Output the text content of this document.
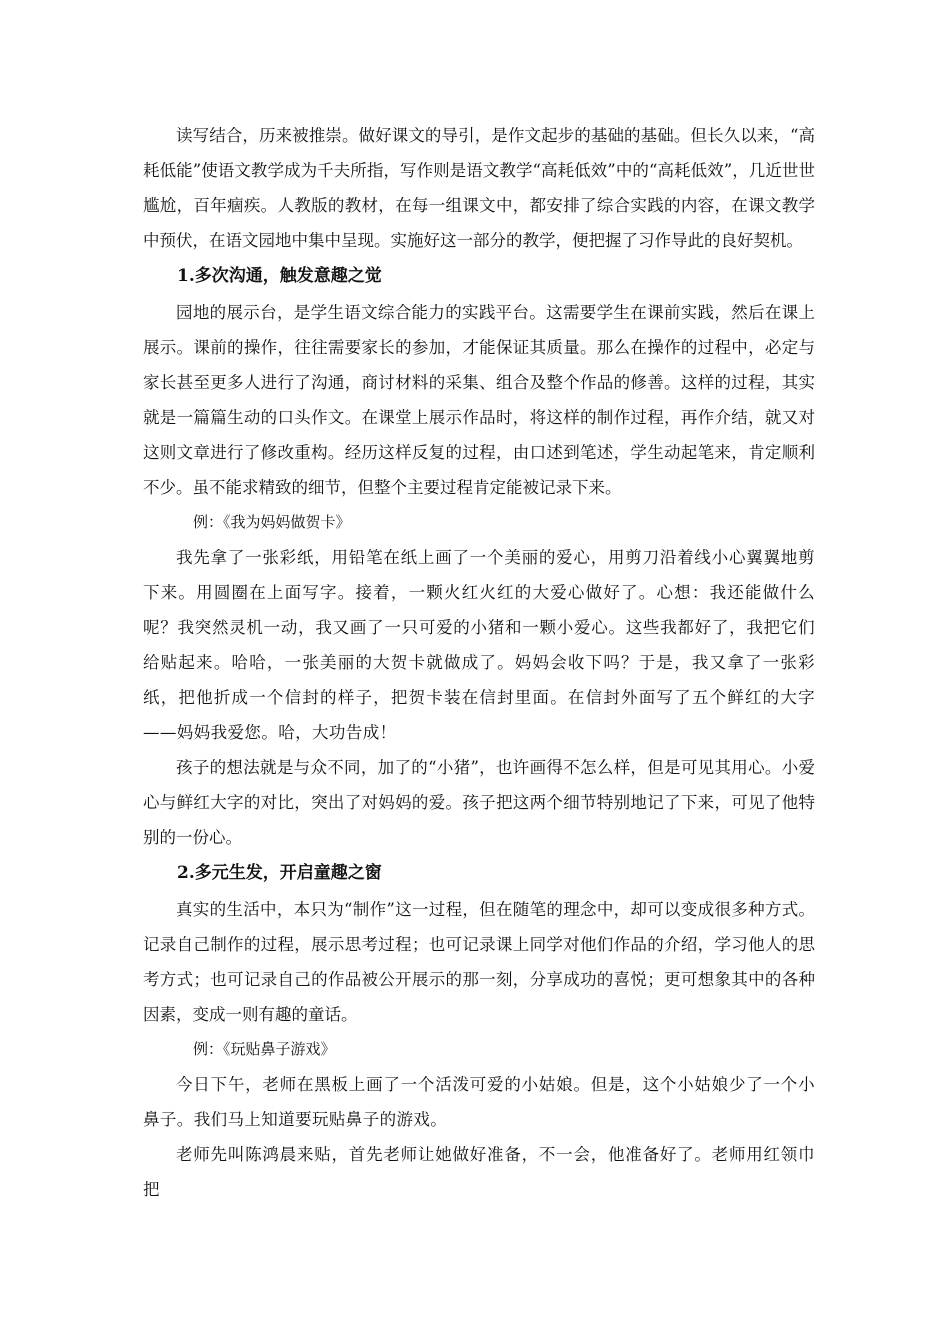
读写结合，历来被推崇。做好课文的导引，是作文起步的基础的基础。但长久以来，“高耗低能”使语文教学成为千夫所指，写作则是语文教学“高耗低效”中的“高耗低效”，几近世世尴尬，百年痼疾。人教版的教材，在每一组课文中，都安排了综合实践的内容，在课文教学中预伏，在语文园地中集中呈现。实施好这一部分的教学，便把握了习作导此的良好契机。

1.多次沟通，触发意趣之觉

园地的展示台，是学生语文综合能力的实践平台。这需要学生在课前实践，然后在课上展示。课前的操作，往往需要家长的参加，才能保证其质量。那么在操作的过程中，必定与家长甚至更多人进行了沟通，商讨材料的采集、组合及整个作品的修善。这样的过程，其实就是一篇篇生动的口头作文。在课堂上展示作品时，将这样的制作过程，再作介结，就又对这则文章进行了修改重构。经历这样反复的过程，由口述到笔述，学生动起笔来，肯定顺利不少。虽不能求精致的细节，但整个主要过程肯定能被记录下来。

例：《我为妈妈做贺卡》

我先拿了一张彩纸，用铅笔在纸上画了一个美丽的爱心，用剪刀沿着线小心翼翼地剪下来。用圆圈在上面写字。接着，一颗火红火红的大爱心做好了。心想：我还能做什么呢？我突然灵机一动，我又画了一只可爱的小猪和一颗小爱心。这些我都好了，我把它们给贴起来。哈哈，一张美丽的大贺卡就做成了。妈妈会收下吗？于是，我又拿了一张彩纸，把他折成一个信封的样子，把贺卡装在信封里面。在信封外面写了五个鲜红的大字——妈妈我爱您。哈，大功告成！

孩子的想法就是与众不同，加了的“小猪”，也许画得不怎么样，但是可见其用心。小爱心与鲜红大字的对比，突出了对妈妈的爱。孩子把这两个细节特别地记了下来，可见了他特别的一份心。

2.多元生发，开启童趣之窗

真实的生活中，本只为“制作”这一过程，但在随笔的理念中，却可以变成很多种方式。记录自己制作的过程，展示思考过程；也可记录课上同学对他们作品的介绍，学习他人的思考方式；也可记录自己的作品被公开展示的那一刻，分享成功的喜悦；更可想象其中的各种因素，变成一则有趣的童话。

例：《玩贴鼻子游戏》

今日下午，老师在黑板上画了一个活泼可爱的小姑娘。但是，这个小姑娘少了一个小鼻子。我们马上知道要玩贴鼻子的游戏。

老师先叫陈鸿晨来贴，首先老师让她做好准备，不一会，他准备好了。老师用红领巾把
